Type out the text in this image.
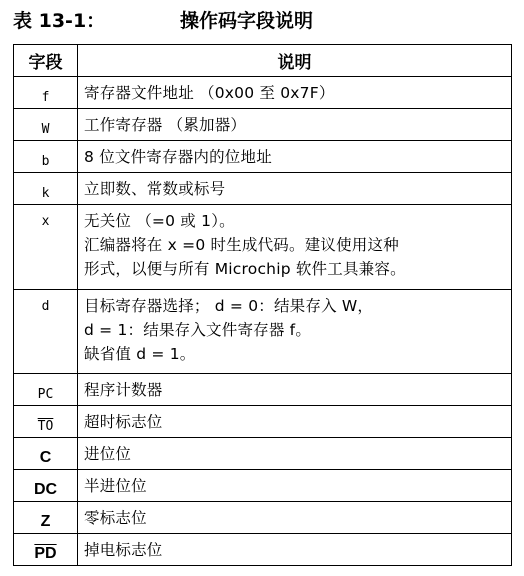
表 13-1：	操作码字段说明
字段	说明
f	寄存器文件地址 （0x00 至 0x7F）

W	工作寄存器 （累加器）

b	8 位文件寄存器内的位地址

k	立即数、常数或标号

x	无关位 （=0 或 1）。
汇编器将在 x =0 时生成代码。建议使用这种
形式，以便与所有 Microchip 软件工具兼容。

d	目标寄存器选择； d = 0：结果存入 W，
d = 1：结果存入文件寄存器 f。
缺省值 d = 1。

PC	程序计数器

$\overline{TO}$	超时标志位

C	进位位

DC	半进位位

Z	零标志位

$\overline{PD}$	掉电标志位
